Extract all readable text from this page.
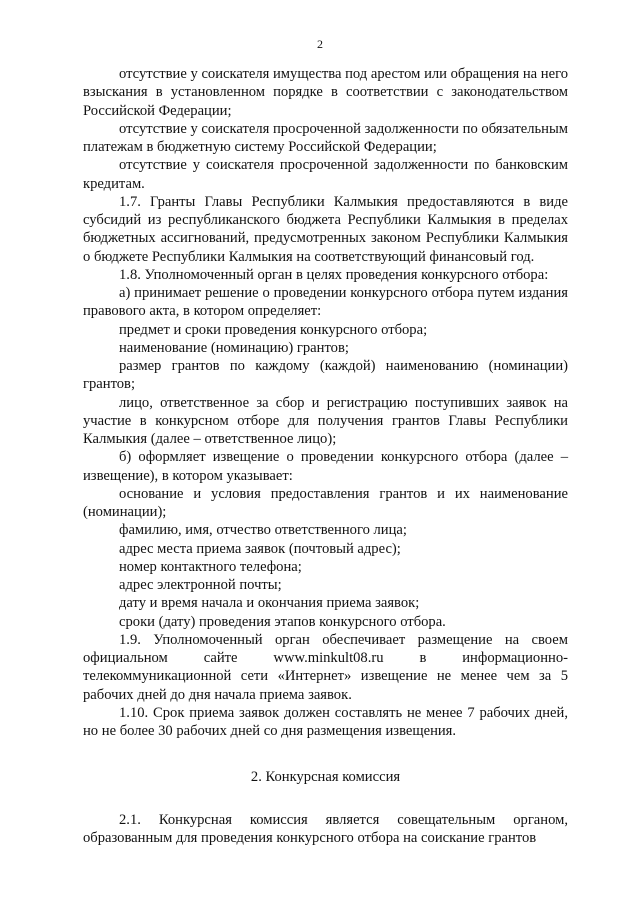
2

отсутствие у соискателя имущества под арестом или обращения на него взыскания в установленном порядке в соответствии с законодательством Российской Федерации;

отсутствие у соискателя просроченной задолженности по обязательным платежам в бюджетную систему Российской Федерации;

отсутствие у соискателя просроченной задолженности по банковским кредитам.

1.7. Гранты Главы Республики Калмыкия предоставляются в виде субсидий из республиканского бюджета Республики Калмыкия в пределах бюджетных ассигнований, предусмотренных законом Республики Калмыкия о бюджете Республики Калмыкия на соответствующий финансовый год.

1.8. Уполномоченный орган в целях проведения конкурсного отбора:

а) принимает решение о проведении конкурсного отбора путем издания правового акта, в котором определяет:

предмет и сроки проведения конкурсного отбора;

наименование (номинацию) грантов;

размер грантов по каждому (каждой) наименованию (номинации) грантов;

лицо, ответственное за сбор и регистрацию поступивших заявок на участие в конкурсном отборе для получения грантов Главы Республики Калмыкия (далее – ответственное лицо);

б) оформляет извещение о проведении конкурсного отбора (далее – извещение), в котором указывает:

основание и условия предоставления грантов и их наименование (номинации);

фамилию, имя, отчество ответственного лица;

адрес места приема заявок (почтовый адрес);

номер контактного телефона;

адрес электронной почты;

дату и время начала и окончания приема заявок;

сроки (дату) проведения этапов конкурсного отбора.

1.9. Уполномоченный орган обеспечивает размещение на своем официальном сайте www.minkult08.ru в информационно-телекоммуникационной сети «Интернет» извещение не менее чем за 5 рабочих дней до дня начала приема заявок.

1.10. Срок приема заявок должен составлять не менее 7 рабочих дней, но не более 30 рабочих дней со дня размещения извещения.

2. Конкурсная комиссия

2.1. Конкурсная комиссия является совещательным органом, образованным для проведения конкурсного отбора на соискание грантов
